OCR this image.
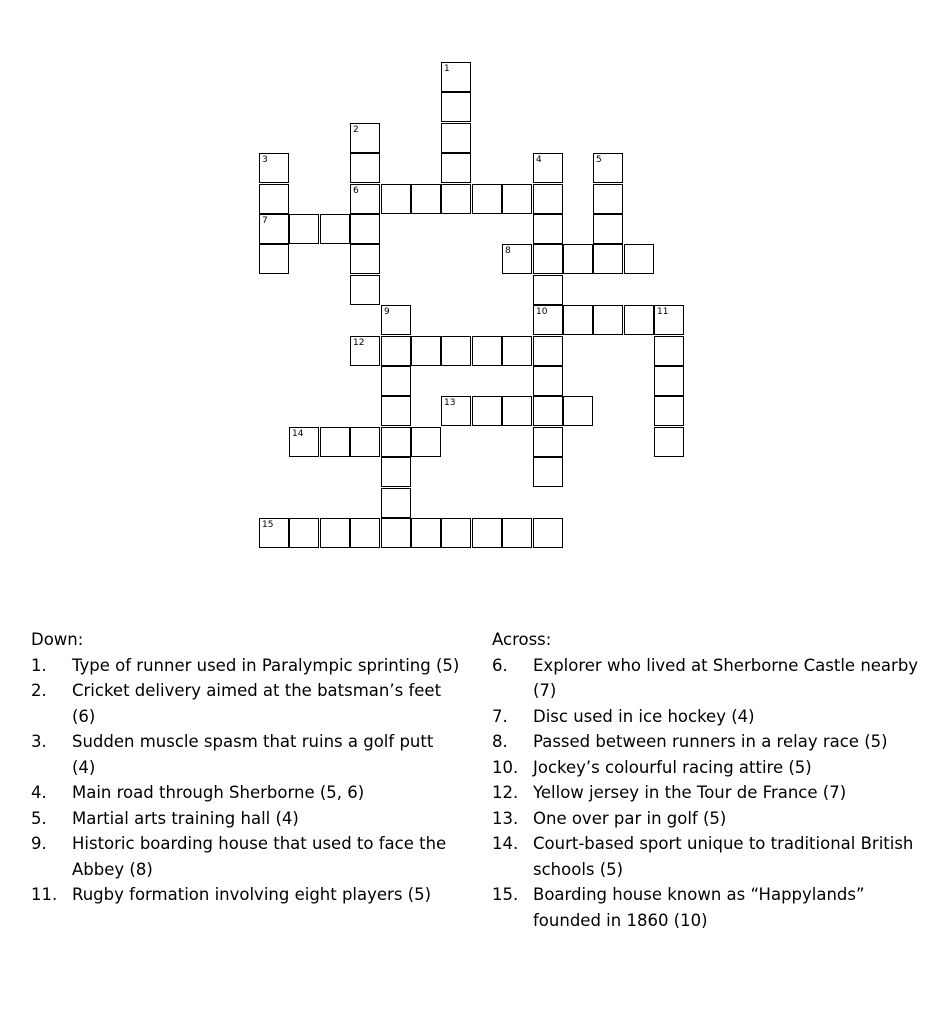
1
2
6
3
7
4
10
5
8
9	11
12
13
14
15
Down:
1. Type of runner used in Paralympic sprinting (5)
2. Cricket delivery aimed at the batsman’s feet (6)
3. Sudden muscle spasm that ruins a golf putt (4)
4. Main road through Sherborne (5, 6)
5. Martial arts training hall (4)
9. Historic boarding house that used to face the Abbey (8)
11. Rugby formation involving eight players (5)
Across:
6. Explorer who lived at Sherborne Castle nearby (7)
7. Disc used in ice hockey (4)
8. Passed between runners in a relay race (5)
10. Jockey’s colourful racing attire (5)
12. Yellow jersey in the Tour de France (7)
13. One over par in golf (5)
14. Court-based sport unique to traditional British schools (5)
15. Boarding house known as “Happylands” founded in 1860 (10)
